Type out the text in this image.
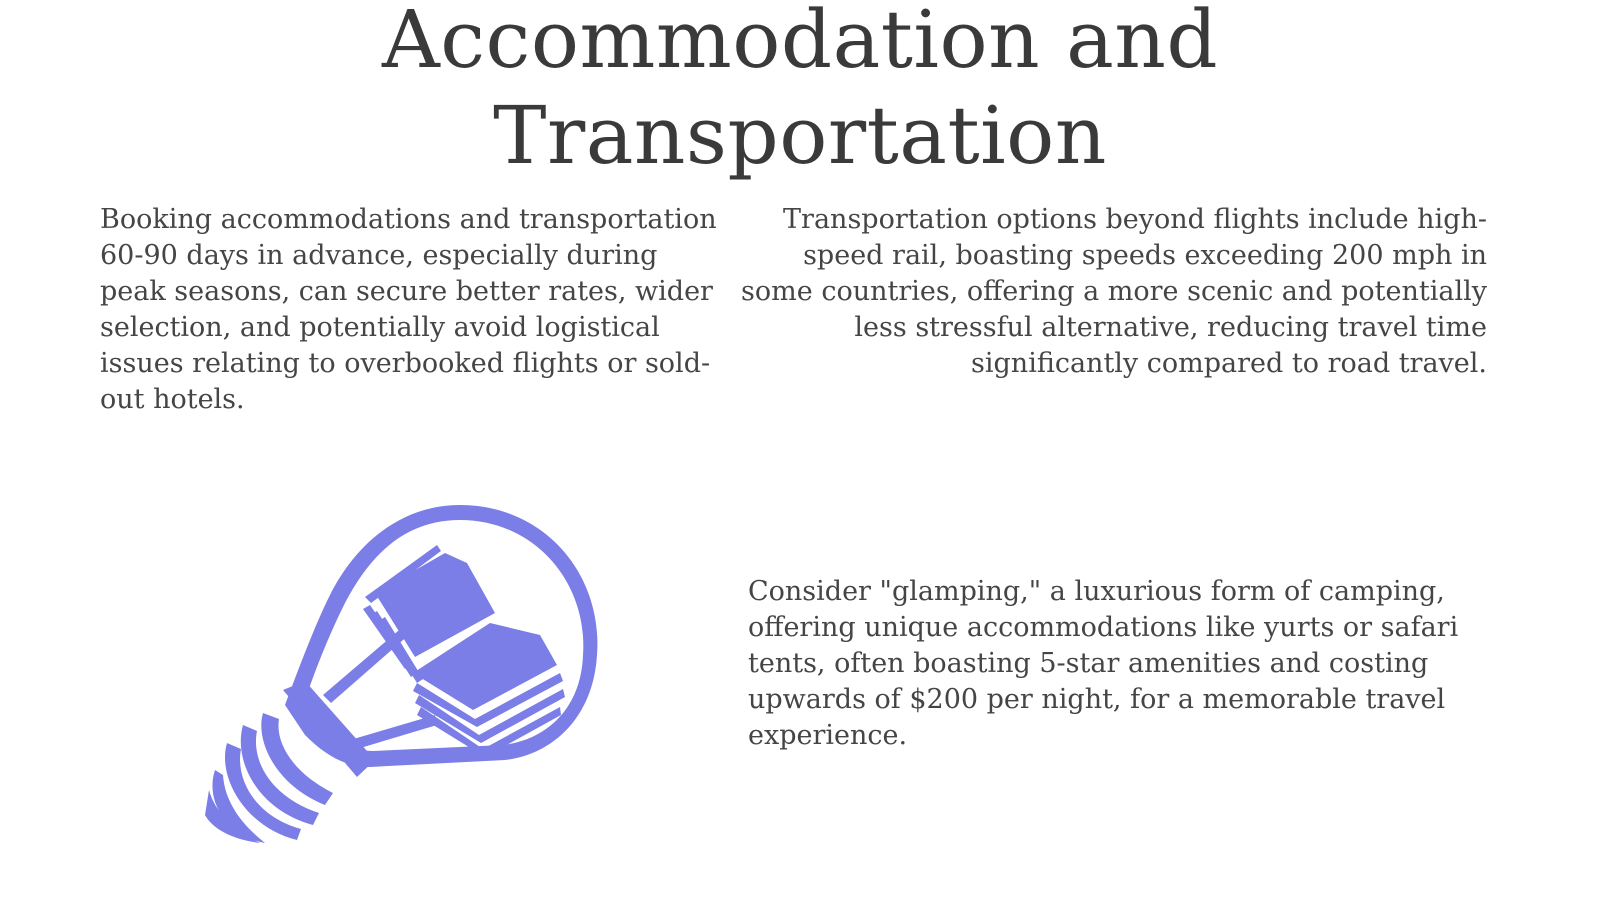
Accommodation and
Transportation

Booking accommodations and transportation 60-90 days in advance, especially during peak seasons, can secure better rates, wider selection, and potentially avoid logistical issues relating to overbooked flights or sold-out hotels.

Transportation options beyond flights include high-speed rail, boasting speeds exceeding 200 mph in some countries, offering a more scenic and potentially less stressful alternative, reducing travel time significantly compared to road travel.

Consider "glamping," a luxurious form of camping, offering unique accommodations like yurts or safari tents, often boasting 5-star amenities and costing upwards of $200 per night, for a memorable travel experience.
